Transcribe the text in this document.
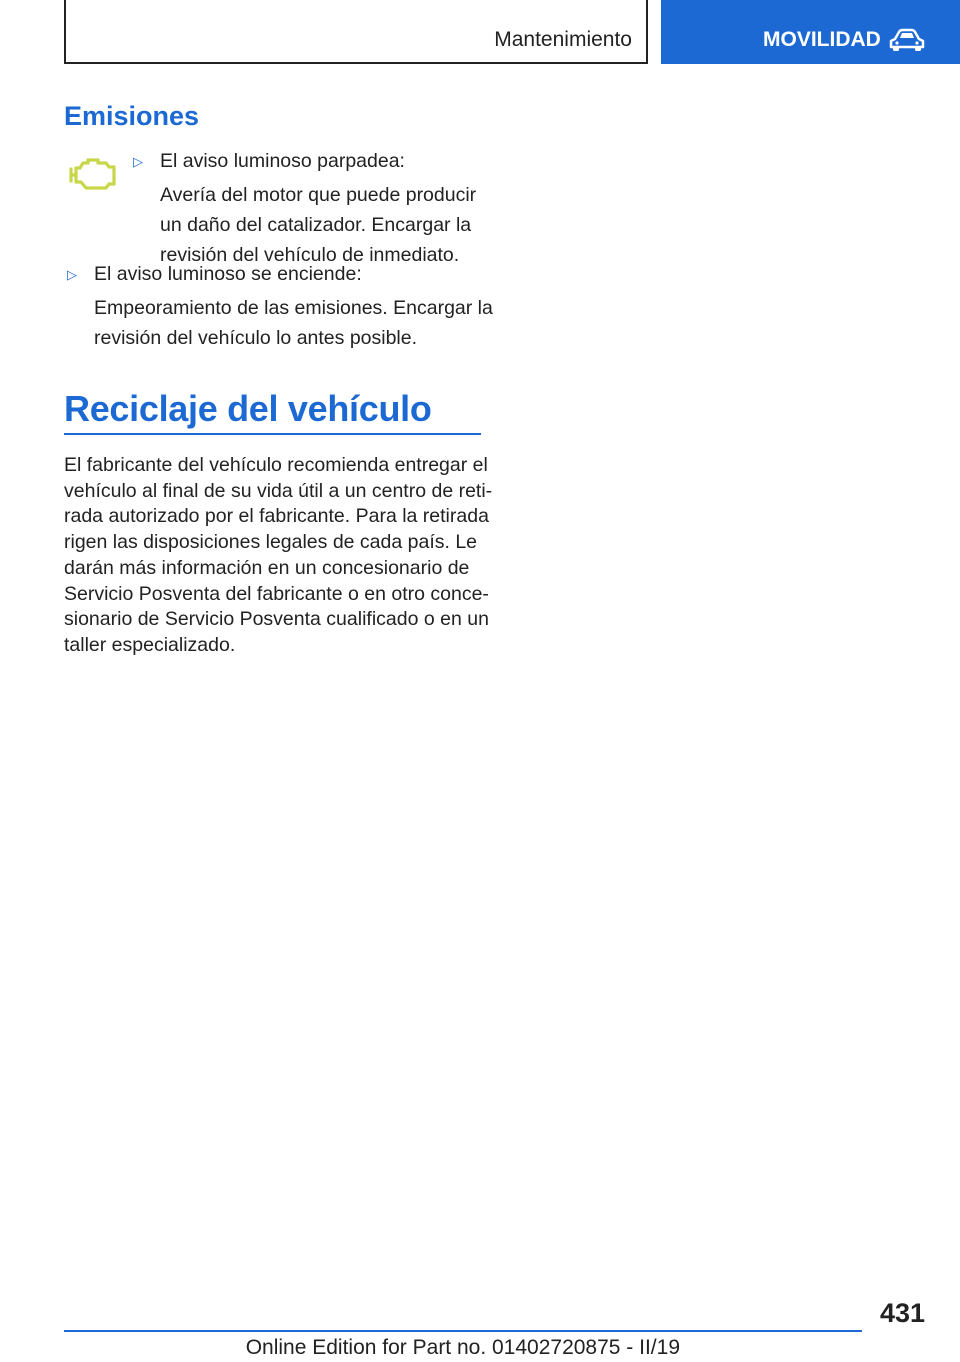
Mantenimiento	MOVILIDAD
Emisiones
▷ El aviso luminoso parpadea:
Avería del motor que puede producir
un daño del catalizador. Encargar la
revisión del vehículo de inmediato.
▷ El aviso luminoso se enciende:
Empeoramiento de las emisiones. Encargar la
revisión del vehículo lo antes posible.
Reciclaje del vehículo
El fabricante del vehículo recomienda entregar el
vehículo al final de su vida útil a un centro de reti-
rada autorizado por el fabricante. Para la retirada
rigen las disposiciones legales de cada país. Le
darán más información en un concesionario de
Servicio Posventa del fabricante o en otro conce-
sionario de Servicio Posventa cualificado o en un
taller especializado.
431
Online Edition for Part no. 01402720875 - II/19
